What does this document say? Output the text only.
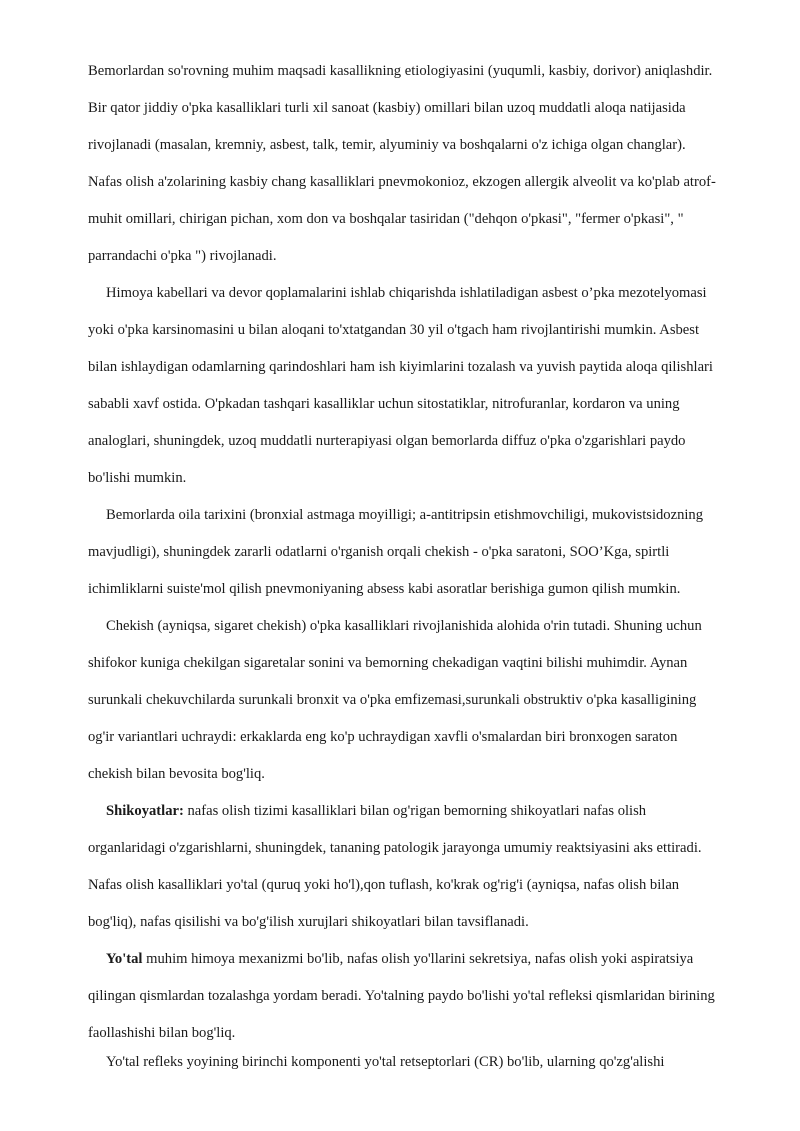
Bemorlardan so'rovning muhim maqsadi kasallikning etiologiyasini (yuqumli, kasbiy, dorivor) aniqlashdir. Bir qator jiddiy o'pka kasalliklari turli xil sanoat (kasbiy) omillari bilan uzoq muddatli aloqa natijasida rivojlanadi (masalan, kremniy, asbest, talk, temir, alyuminiy va boshqalarni o'z ichiga olgan changlar). Nafas olish a'zolarining kasbiy chang kasalliklari pnevmokonioz, ekzogen allergik alveolit va ko'plab atrof-muhit omillari, chirigan pichan, xom don va boshqalar tasiridan ("dehqon o'pkasi", "fermer o'pkasi", " parrandachi o'pka ") rivojlanadi.

Himoya kabellari va devor qoplamalarini ishlab chiqarishda ishlatiladigan asbest o’pka mezotelyomasi yoki o'pka karsinomasini u bilan aloqani to'xtatgandan 30 yil o'tgach ham rivojlantirishi mumkin. Asbest bilan ishlaydigan odamlarning qarindoshlari ham ish kiyimlarini tozalash va yuvish paytida aloqa qilishlari sababli xavf ostida. O'pkadan tashqari kasalliklar uchun sitostatiklar, nitrofuranlar, kordaron va uning analoglari, shuningdek, uzoq muddatli nurterapiyasi olgan bemorlarda diffuz o'pka o'zgarishlari paydo bo'lishi mumkin.

Bemorlarda oila tarixini (bronxial astmaga moyilligi; a-antitripsin etishmovchiligi, mukovistsidozning mavjudligi), shuningdek zararli odatlarni o'rganish orqali chekish - o'pka saratoni, SOO’Kga, spirtli ichimliklarni suiste'mol qilish pnevmoniyaning absess kabi asoratlar berishiga gumon qilish mumkin.

Chekish (ayniqsa, sigaret chekish) o'pka kasalliklari rivojlanishida alohida o'rin tutadi. Shuning uchun shifokor kuniga chekilgan sigaretalar sonini va bemorning chekadigan vaqtini bilishi muhimdir. Aynan surunkali chekuvchilarda surunkali bronxit va o'pka emfizemasi,surunkali obstruktiv o'pka kasalligining og'ir variantlari uchraydi: erkaklarda eng ko'p uchraydigan xavfli o'smalardan biri bronxogen saraton chekish bilan bevosita bog'liq.

Shikoyatlar: nafas olish tizimi kasalliklari bilan og'rigan bemorning shikoyatlari nafas olish organlaridagi o'zgarishlarni, shuningdek, tananing patologik jarayonga umumiy reaktsiyasini aks ettiradi. Nafas olish kasalliklari yo'tal (quruq yoki ho'l),qon tuflash, ko'krak og'rig'i (ayniqsa, nafas olish bilan bog'liq), nafas qisilishi va bo'g'ilish xurujlari shikoyatlari bilan tavsiflanadi.

Yo'tal muhim himoya mexanizmi bo'lib, nafas olish yo'llarini sekretsiya, nafas olish yoki aspiratsiya qilingan qismlardan tozalashga yordam beradi. Yo'talning paydo bo'lishi yo'tal refleksi qismlaridan birining faollashishi bilan bog'liq.

Yo'tal refleks yoyining birinchi komponenti yo'tal retseptorlari (CR) bo'lib, ularning qo'zg'alishi
